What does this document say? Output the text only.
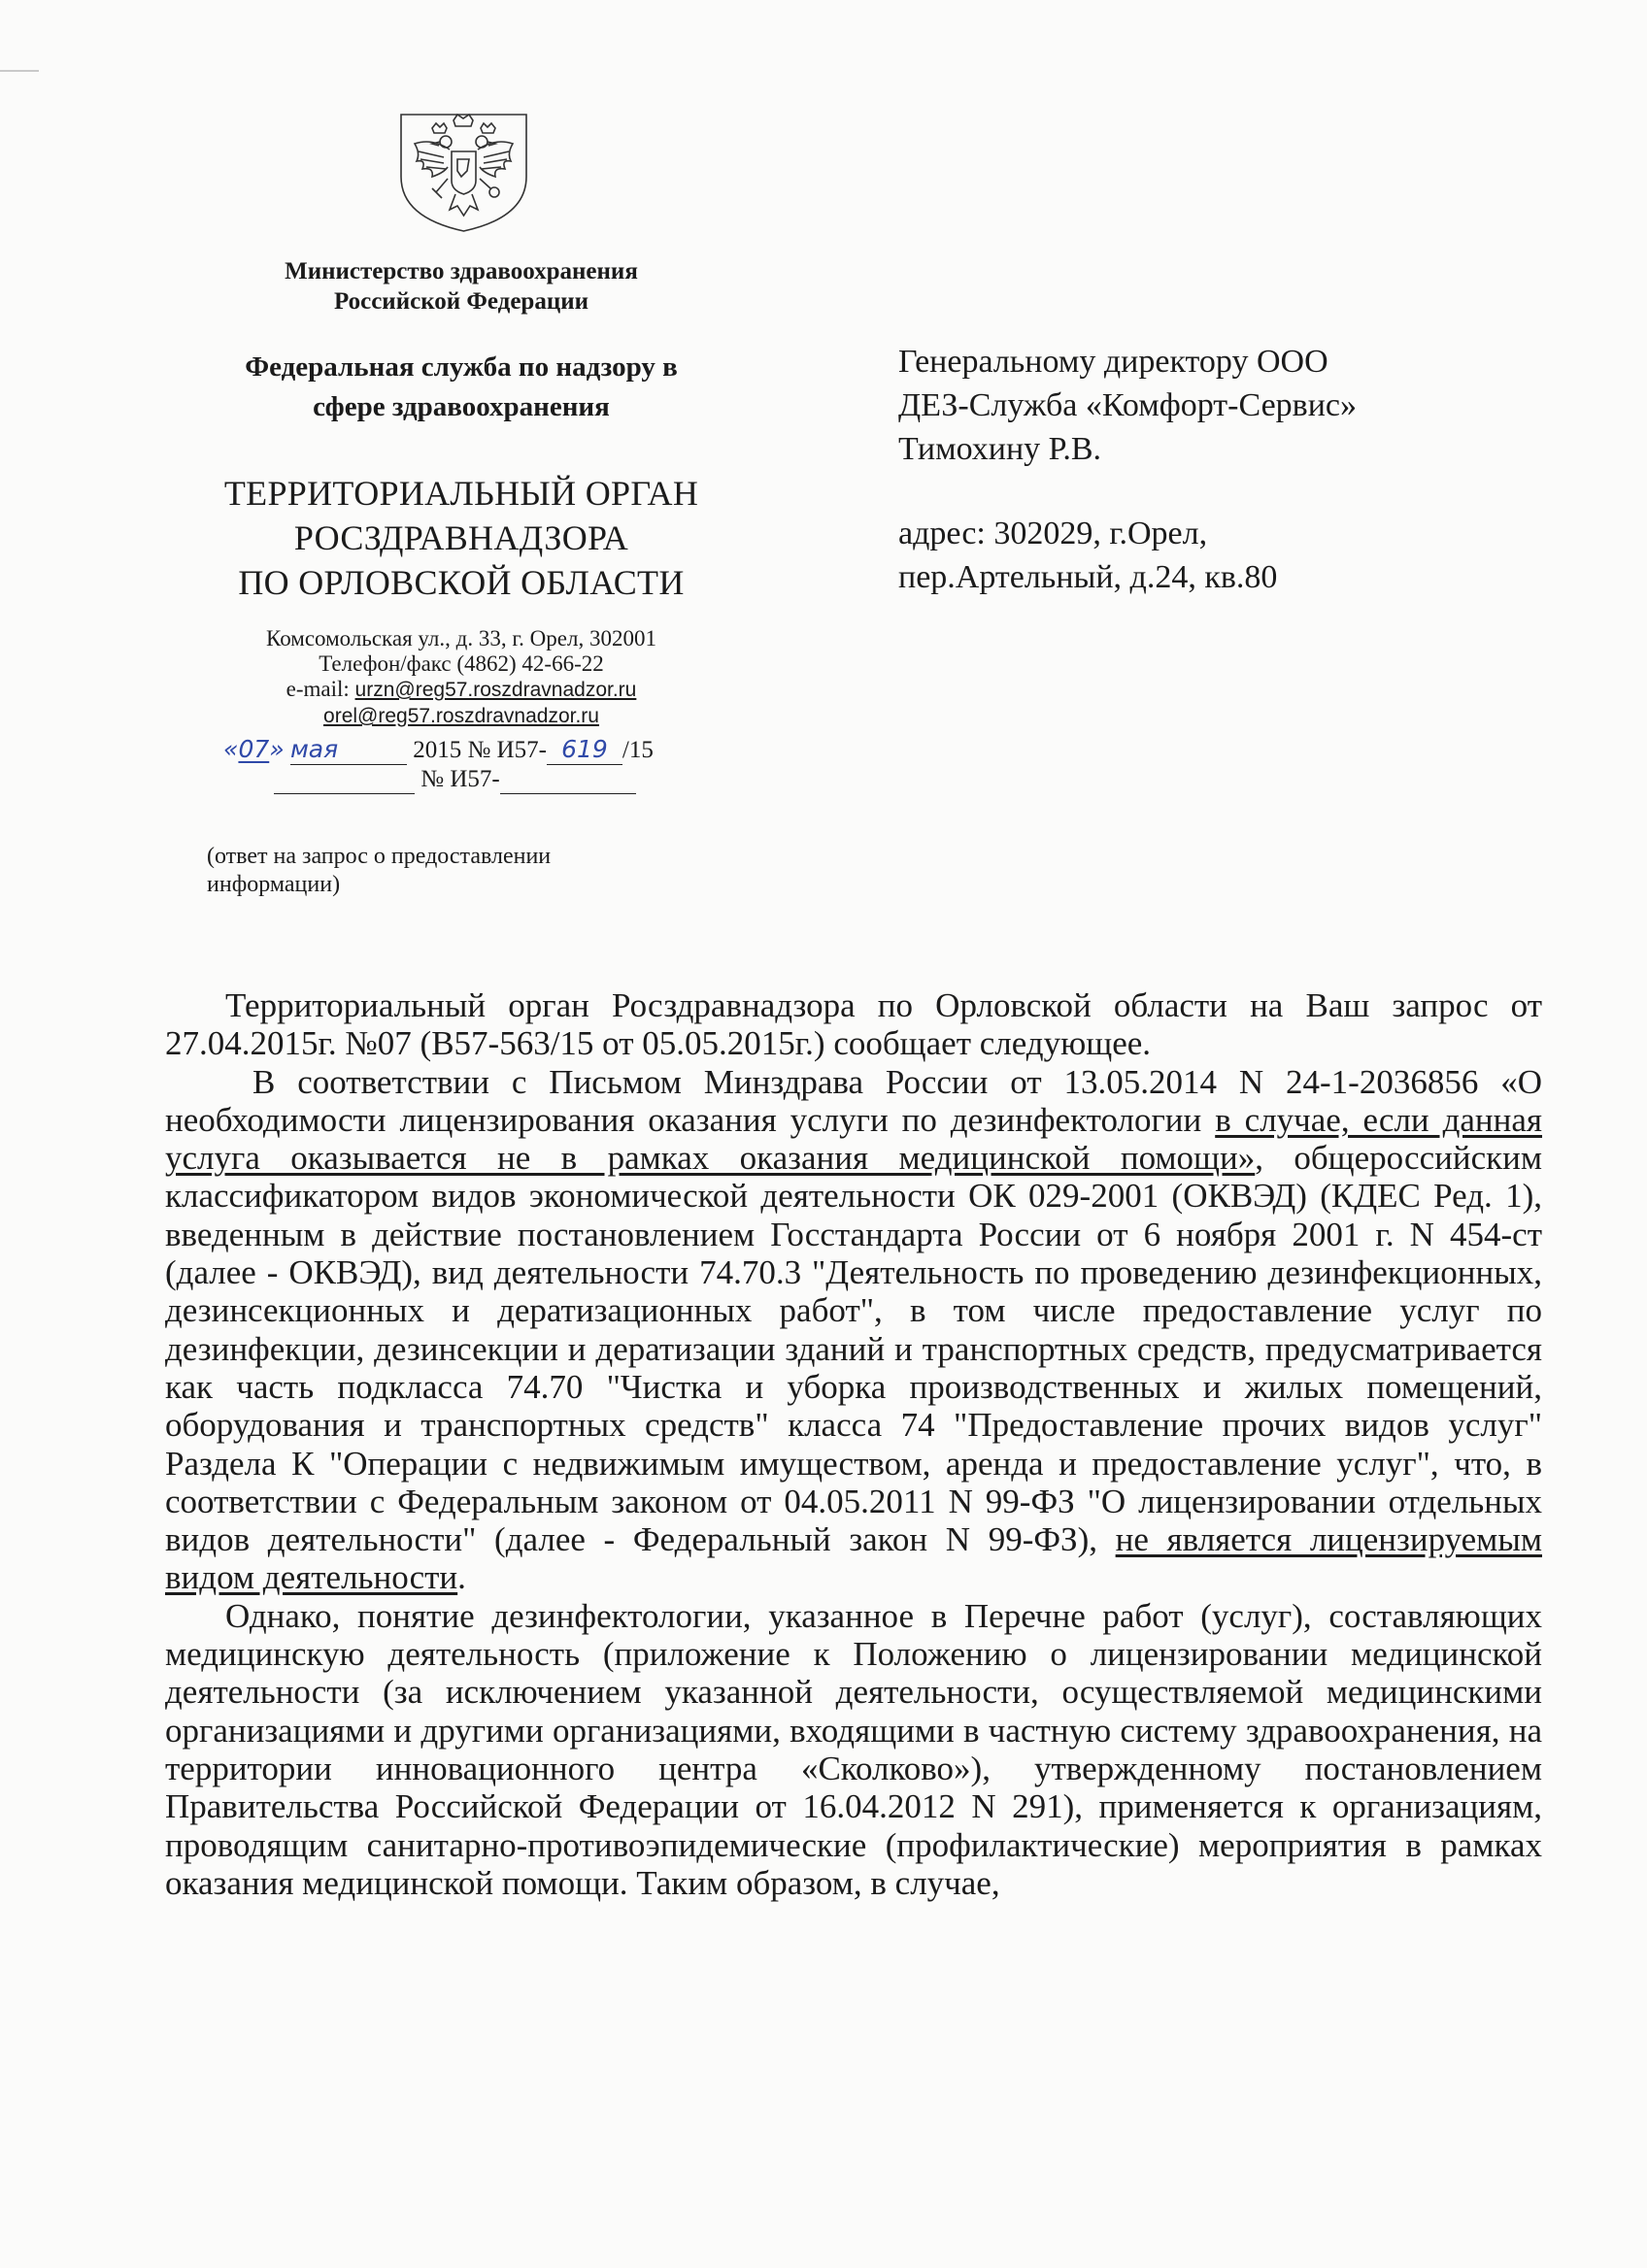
Министерство здравоохранения
Российской Федерации
Федеральная служба по надзору в
сфере здравоохранения
ТЕРРИТОРИАЛЬНЫЙ ОРГАН
РОСЗДРАВНАДЗОРА
ПО ОРЛОВСКОЙ ОБЛАСТИ
Комсомольская ул., д. 33, г. Орел, 302001
Телефон/факс (4862) 42-66-22
e-mail: urzn@reg57.roszdravnadzor.ru
orel@reg57.roszdravnadzor.ru
«07» мая	2015 № И57- 619 /15
№ И57-
(ответ на запрос о предоставлении
информации)
Генеральному директору ООО
ДЕЗ-Служба «Комфорт-Сервис»
Тимохину Р.В.
адрес: 302029, г.Орел,
пер.Артельный, д.24, кв.80

Территориальный орган Росздравнадзора по Орловской области на Ваш запрос от 27.04.2015г. №07 (В57-563/15 от 05.05.2015г.) сообщает следующее.

В соответствии с Письмом Минздрава России от 13.05.2014 N 24-1-2036856 «О необходимости лицензирования оказания услуги по дезинфектологии в случае, если данная услуга оказывается не в рамках оказания медицинской помощи», общероссийским классификатором видов экономической деятельности ОК 029-2001 (ОКВЭД) (КДЕС Ред. 1), введенным в действие постановлением Госстандарта России от 6 ноября 2001 г. N 454-ст (далее - ОКВЭД), вид деятельности 74.70.3 "Деятельность по проведению дезинфекционных, дезинсекционных и дератизационных работ", в том числе предоставление услуг по дезинфекции, дезинсекции и дератизации зданий и транспортных средств, предусматривается как часть подкласса 74.70 "Чистка и уборка производственных и жилых помещений, оборудования и транспортных средств" класса 74 "Предоставление прочих видов услуг" Раздела К "Операции с недвижимым имуществом, аренда и предоставление услуг", что, в соответствии с Федеральным законом от 04.05.2011 N 99-ФЗ "О лицензировании отдельных видов деятельности" (далее - Федеральный закон N 99-ФЗ), не является лицензируемым видом деятельности.

Однако, понятие дезинфектологии, указанное в Перечне работ (услуг), составляющих медицинскую деятельность (приложение к Положению о лицензировании медицинской деятельности (за исключением указанной деятельности, осуществляемой медицинскими организациями и другими организациями, входящими в частную систему здравоохранения, на территории инновационного центра «Сколково»), утвержденному постановлением Правительства Российской Федерации от 16.04.2012 N 291), применяется к организациям, проводящим санитарно-противоэпидемические (профилактические) мероприятия в рамках оказания медицинской помощи. Таким образом, в случае,
